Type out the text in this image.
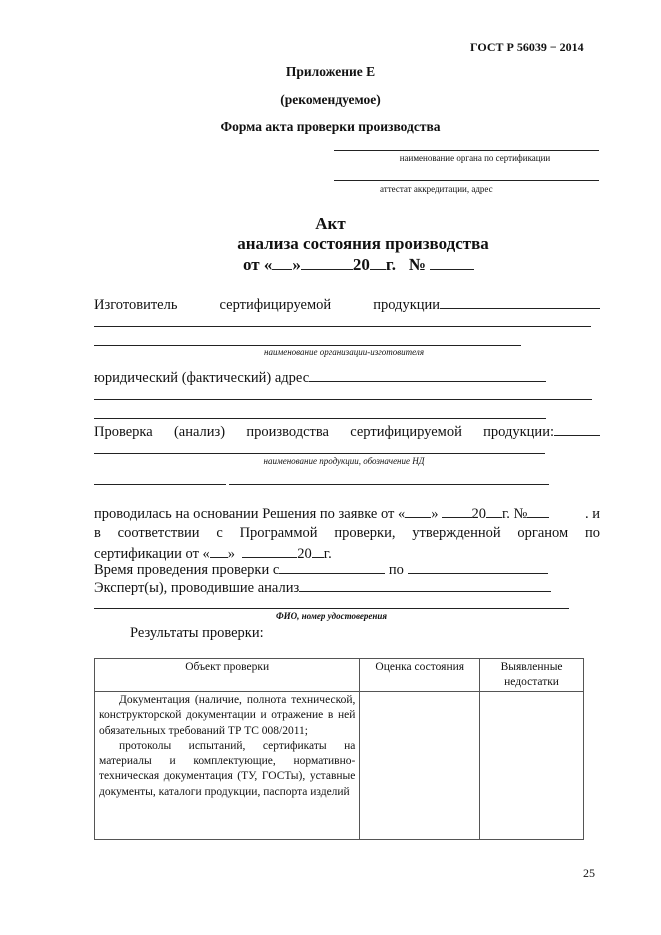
ГОСТ Р 56039 − 2014
Приложение Е
(рекомендуемое)
Форма акта проверки производства
наименование органа по сертификации
аттестат аккредитации, адрес
Акт
анализа состояния производства
от « »	20 г. №
Изготовитель	сертифицируемой	продукции
наименование организации-изготовителя
юридический (фактический) адрес
Проверка (анализ) производства сертифицируемой продукции:
наименование продукции, обозначение НД
проводилась на основании Решения по заявке от « » 20 г. №	. и
в соответствии с Программой проверки, утвержденной органом по
сертификации от « »	20 г.
Время проведения проверки с	по
Эксперт(ы), проводившие анализ
ФИО, номер удостоверения
Результаты проверки:
Объект проверки	Оценка состояния	Выявленные недостатки

Документация (наличие, полнота технической, конструкторской документации и отражение в ней обязательных требований ТР ТС 008/2011;
протоколы испытаний, сертификаты на материалы и комплектующие, нормативно-техническая документация (ТУ, ГОСТы), уставные документы, каталоги продукции, паспорта изделий		

25
